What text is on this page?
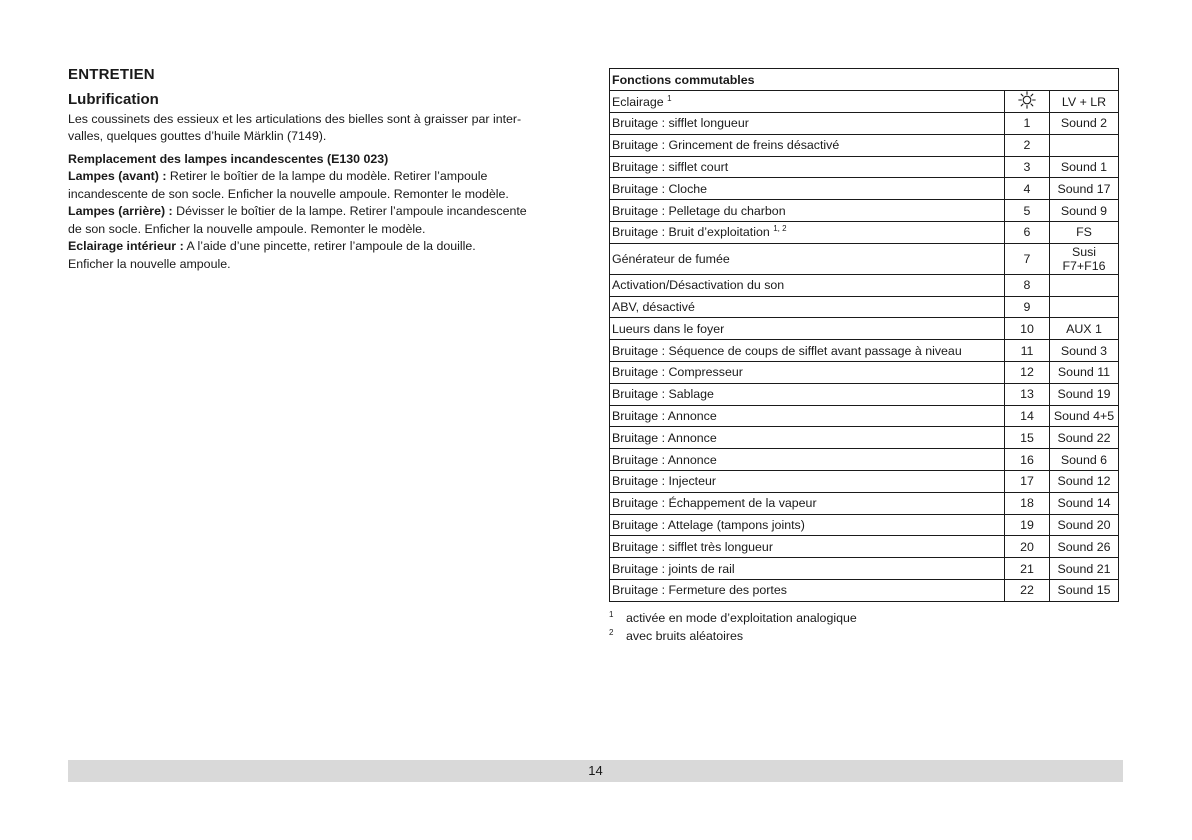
ENTRETIEN
Lubrification
Les coussinets des essieux et les articulations des bielles sont à graisser par inter-
valles, quelques gouttes d’huile Märklin (7149).
Remplacement des lampes incandescentes (E130 023)
Lampes (avant) : Retirer le boîtier de la lampe du modèle. Retirer l’ampoule
incandescente de son socle. Enficher la nouvelle ampoule. Remonter le modèle.
Lampes (arrière) : Dévisser le boîtier de la lampe. Retirer l’ampoule incandescente
de son socle. Enficher la nouvelle ampoule. Remonter le modèle.
Eclairage intérieur : A l’aide d’une pincette, retirer l’ampoule de la douille.
Enficher la nouvelle ampoule.
Fonctions commutables		
Eclairage $^1$		LV + LR
Bruitage : sifflet longueur	1	Sound 2
Bruitage : Grincement de freins désactivé	2	
Bruitage : sifflet court	3	Sound 1
Bruitage : Cloche	4	Sound 17
Bruitage : Pelletage du charbon	5	Sound 9
Bruitage : Bruit d’exploitation $^{1, 2}$	6	FS
Générateur de fumée	7	Susi
F7+F16

Activation/Désactivation du son	8	
ABV, désactivé	9	
Lueurs dans le foyer	10	AUX 1
Bruitage : Séquence de coups de sifflet avant passage à niveau	11	Sound 3
Bruitage : Compresseur	12	Sound 11
Bruitage : Sablage	13	Sound 19
Bruitage : Annonce	14	Sound 4+5
Bruitage : Annonce	15	Sound 22
Bruitage : Annonce	16	Sound 6
Bruitage : Injecteur	17	Sound 12
Bruitage : Échappement de la vapeur	18	Sound 14
Bruitage : Attelage (tampons joints)	19	Sound 20
Bruitage : sifflet très longueur	20	Sound 26
Bruitage : joints de rail	21	Sound 21
Bruitage : Fermeture des portes	22	Sound 15
1 activée en mode d’exploitation analogique
2 avec bruits aléatoires
14
